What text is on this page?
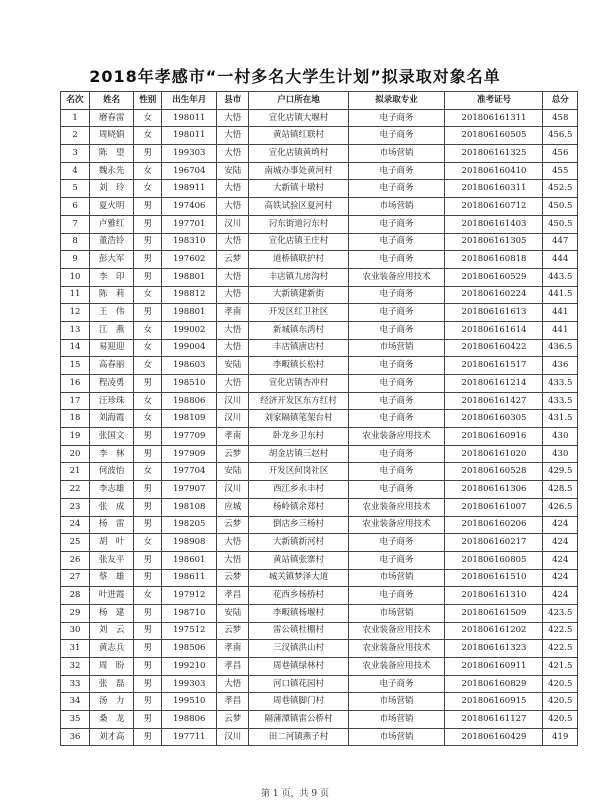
2018年孝感市“一村多名大学生计划”拟录取对象名单
名次	姓名	性别	出生年月	县市	户口所在地	拟录取专业	准考证号	总分
1	磨春雷	女	198011	大悟	宣化店镇大堰村	电子商务	201806161311	458
2	周晓娟	女	198011	大悟	黄站镇红联村	电子商务	201806160505	456.5
3	陈　望	男	199303	大悟	宣化店镇黄塆村	市场营销	201806161325	456
4	魏永先	女	196704	安陆	南城办事处黄河村	电子商务	201806160410	455
5	刘　玲	女	198911	大悟	大新镇十墩村	电子商务	201806160311	452.5
6	夏火明	男	197406	大悟	高铁试验区夏河村	市场营销	201806160712	450.5
7	卢雅红	男	197701	汉川	汈东街道汈东村	电子商务	201806161403	450.5
8	董浩铃	男	198310	大悟	宣化店镇王庄村	电子商务	201806161305	447
9	彭大军	男	197602	云梦	道桥镇联护村	电子商务	201806160818	444
10	李　印	男	198801	大悟	丰店镇九房沟村	农业装备应用技术	201806160529	443.5
11	陈　莉	女	198812	大悟	大新镇建新街	电子商务	201806160224	441.5
12	王　伟	男	198801	孝南	开发区红卫社区	电子商务	201806161613	441
13	江　燕	女	199002	大悟	新城镇东湾村	电子商务	201806161614	441
14	易迎迎	女	199004	大悟	丰店镇唐店村	市场营销	201806160422	436.5
15	高春丽	女	198603	安陆	李畈镇长松村	电子商务	201806161517	436
16	程凌勇	男	198510	大悟	宣化店镇杏冲村	电子商务	201806161214	433.5
17	汪珍珠	女	198806	汉川	经济开发区东方红村	电子商务	201806161427	433.5
18	刘海霞	女	198109	汉川	刘家隔镇笔架台村	电子商务	201806160305	431.5
19	张国文	男	197709	孝南	卧龙乡卫东村	农业装备应用技术	201806160916	430
20	李　林	男	197909	云梦	胡金店镇三赵村	电子商务	201806161020	430
21	何波怡	女	197704	安陆	开发区何岗社区	电子商务	201806160528	429.5
22	李志雄	男	197907	汉川	西江乡永丰村	电子商务	201806161306	428.5
23	张　成	男	198108	应城	杨岭镇余郑村	农业装备应用技术	201806161007	426.5
24	杨　雷	男	198205	云梦	倒店乡三杨村	农业装备应用技术	201806160206	424
25	胡　叶	女	198908	大悟	大新镇新河村	电子商务	201806160217	424
26	张友平	男	198601	大悟	黄站镇张寨村	电子商务	201806160805	424
27	蔡　雄	男	198611	云梦	城关镇梦泽大道	市场营销	201806161510	424
28	叶进霞	女	197912	孝昌	花西乡杨桥村	电子商务	201806161310	424
29	杨　建	男	198710	安陆	李畈镇杨堰村	市场营销	201806161509	423.5
30	刘　云	男	197512	云梦	雷公镇杜棚村	农业装备应用技术	201806161202	422.5
31	黄志兵	男	198506	孝南	三汊镇洪山村	农业装备应用技术	201806161323	422.5
32	周　盼	男	199210	孝昌	周巷镇绿林村	农业装备应用技术	201806160911	421.5
33	张　磊	男	199303	大悟	河口镇花园村	电子商务	201806160829	420.5
34	汤　力	男	199510	孝昌	周巷镇脚门村	市场营销	201806160915	420.5
35	桑　龙	男	198806	云梦	隔蒲潭镇雷公桥村	市场营销	201806161127	420.5
36	刘才高	男	197711	汉川	田二河镇燕子村	市场营销	201806160429	419
第 1 页，共 9 页
